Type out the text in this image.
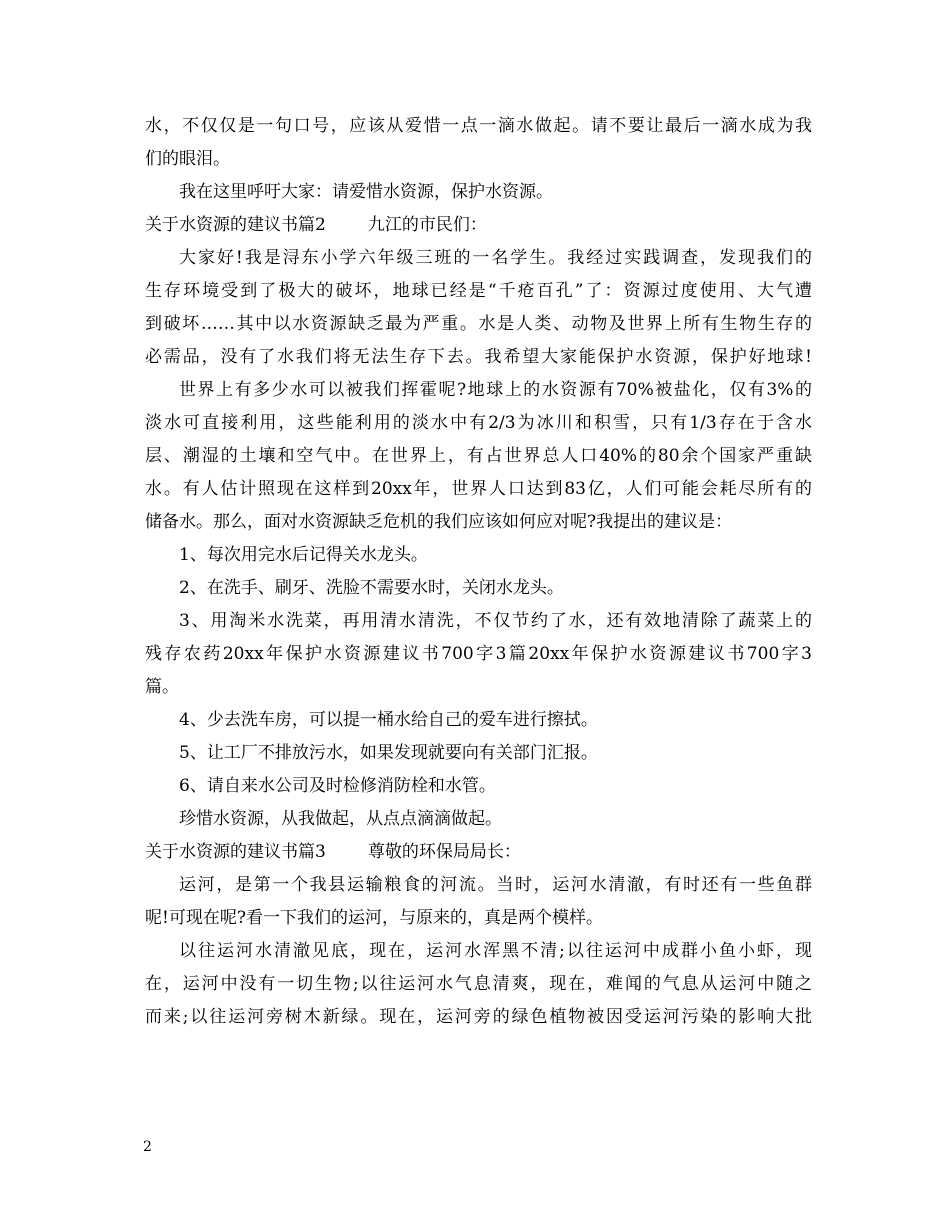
水，不仅仅是一句口号，应该从爱惜一点一滴水做起。请不要让最后一滴水成为我
们的眼泪。
我在这里呼吁大家：请爱惜水资源，保护水资源。
关于水资源的建议书篇2 九江的市民们：
大家好!我是浔东小学六年级三班的一名学生。我经过实践调查，发现我们的
生存环境受到了极大的破坏，地球已经是“千疮百孔”了：资源过度使用、大气遭
到破坏……其中以水资源缺乏最为严重。水是人类、动物及世界上所有生物生存的
必需品，没有了水我们将无法生存下去。我希望大家能保护水资源，保护好地球!
世界上有多少水可以被我们挥霍呢?地球上的水资源有70%被盐化，仅有3%的
淡水可直接利用，这些能利用的淡水中有2/3为冰川和积雪，只有1/3存在于含水
层、潮湿的土壤和空气中。在世界上，有占世界总人口40%的80余个国家严重缺
水。有人估计照现在这样到20xx年，世界人口达到83亿，人们可能会耗尽所有的
储备水。那么，面对水资源缺乏危机的我们应该如何应对呢?我提出的建议是：
1、每次用完水后记得关水龙头。
2、在洗手、刷牙、洗脸不需要水时，关闭水龙头。
3、用淘米水洗菜，再用清水清洗，不仅节约了水，还有效地清除了蔬菜上的
残存农药20xx年保护水资源建议书700字3篇20xx年保护水资源建议书700字3
篇。
4、少去洗车房，可以提一桶水给自己的爱车进行擦拭。
5、让工厂不排放污水，如果发现就要向有关部门汇报。
6、请自来水公司及时检修消防栓和水管。
珍惜水资源，从我做起，从点点滴滴做起。
关于水资源的建议书篇3 尊敬的环保局局长：
运河，是第一个我县运输粮食的河流。当时，运河水清澈，有时还有一些鱼群
呢!可现在呢?看一下我们的运河，与原来的，真是两个模样。
以往运河水清澈见底，现在，运河水浑黑不清;以往运河中成群小鱼小虾，现
在，运河中没有一切生物;以往运河水气息清爽，现在，难闻的气息从运河中随之
而来;以往运河旁树木新绿。现在，运河旁的绿色植物被因受运河污染的影响大批
2
